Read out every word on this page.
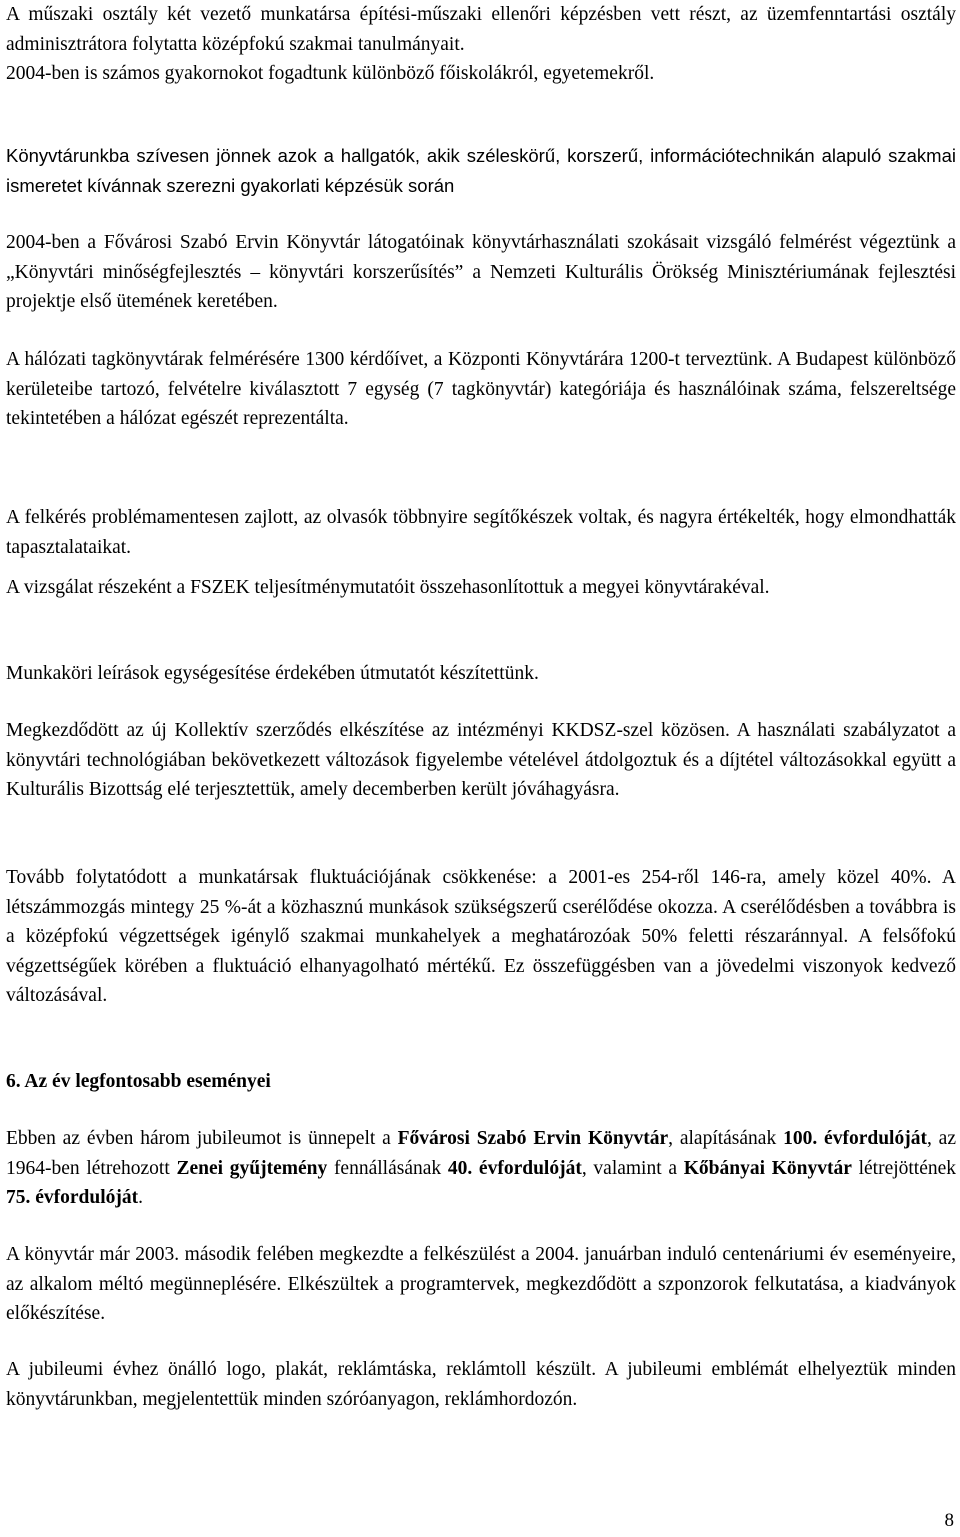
A műszaki osztály két vezető munkatársa építési-műszaki ellenőri képzésben vett részt, az üzemfenntartási osztály adminisztrátora folytatta középfokú szakmai tanulmányait.
2004-ben is számos gyakornokot fogadtunk különböző főiskolákról, egyetemekről.
Könyvtárunkba szívesen jönnek azok a hallgatók, akik széleskörű, korszerű, információtechnikán alapuló szakmai ismeretet kívánnak szerezni gyakorlati képzésük során
2004-ben a Fővárosi Szabó Ervin Könyvtár látogatóinak könyvtárhasználati szokásait vizsgáló felmérést végeztünk a „Könyvtári minőségfejlesztés – könyvtári korszerűsítés” a Nemzeti Kulturális Örökség Minisztériumának fejlesztési projektje első ütemének keretében.
A hálózati tagkönyvtárak felmérésére 1300 kérdőívet, a Központi Könyvtárára 1200-t terveztünk. A Budapest különböző kerületeibe tartozó, felvételre kiválasztott 7 egység (7 tagkönyvtár) kategóriája és használóinak száma, felszereltsége tekintetében a hálózat egészét reprezentálta.
A felkérés problémamentesen zajlott, az olvasók többnyire segítőkészek voltak, és nagyra értékelték, hogy elmondhatták tapasztalataikat.
A vizsgálat részeként a FSZEK teljesítménymutatóit összehasonlítottuk a megyei könyvtárakéval.
Munkaköri leírások egységesítése érdekében útmutatót készítettünk.
Megkezdődött az új Kollektív szerződés elkészítése az intézményi KKDSZ-szel közösen. A használati szabályzatot a könyvtári technológiában bekövetkezett változások figyelembe vételével átdolgoztuk és a díjtétel változásokkal együtt a Kulturális Bizottság elé terjesztettük, amely decemberben került jóváhagyásra.
Tovább folytatódott a munkatársak fluktuációjának csökkenése: a 2001-es 254-ről 146-ra, amely közel 40%. A létszámmozgás mintegy 25 %-át a közhasznú munkások szükségszerű cserélődése okozza. A cserélődésben a továbbra is a középfokú végzettségek igénylő szakmai munkahelyek a meghatározóak 50% feletti részaránnyal. A felsőfokú végzettségűek körében a fluktuáció elhanyagolható mértékű. Ez összefüggésben van a jövedelmi viszonyok kedvező változásával.
6. Az év legfontosabb eseményei
Ebben az évben három jubileumot is ünnepelt a Fővárosi Szabó Ervin Könyvtár, alapításának 100. évfordulóját, az 1964-ben létrehozott Zenei gyűjtemény fennállásának 40. évfordulóját, valamint a Kőbányai Könyvtár létrejöttének 75. évfordulóját.
A könyvtár már 2003. második felében megkezdte a felkészülést a 2004. januárban induló centenáriumi év eseményeire, az alkalom méltó megünneplésére. Elkészültek a programtervek, megkezdődött a szponzorok felkutatása, a kiadványok előkészítése.
A jubileumi évhez önálló logo, plakát, reklámtáska, reklámtoll készült. A jubileumi emblémát elhelyeztük minden könyvtárunkban, megjelentettük minden szóróanyagon, reklámhordozón.
8
